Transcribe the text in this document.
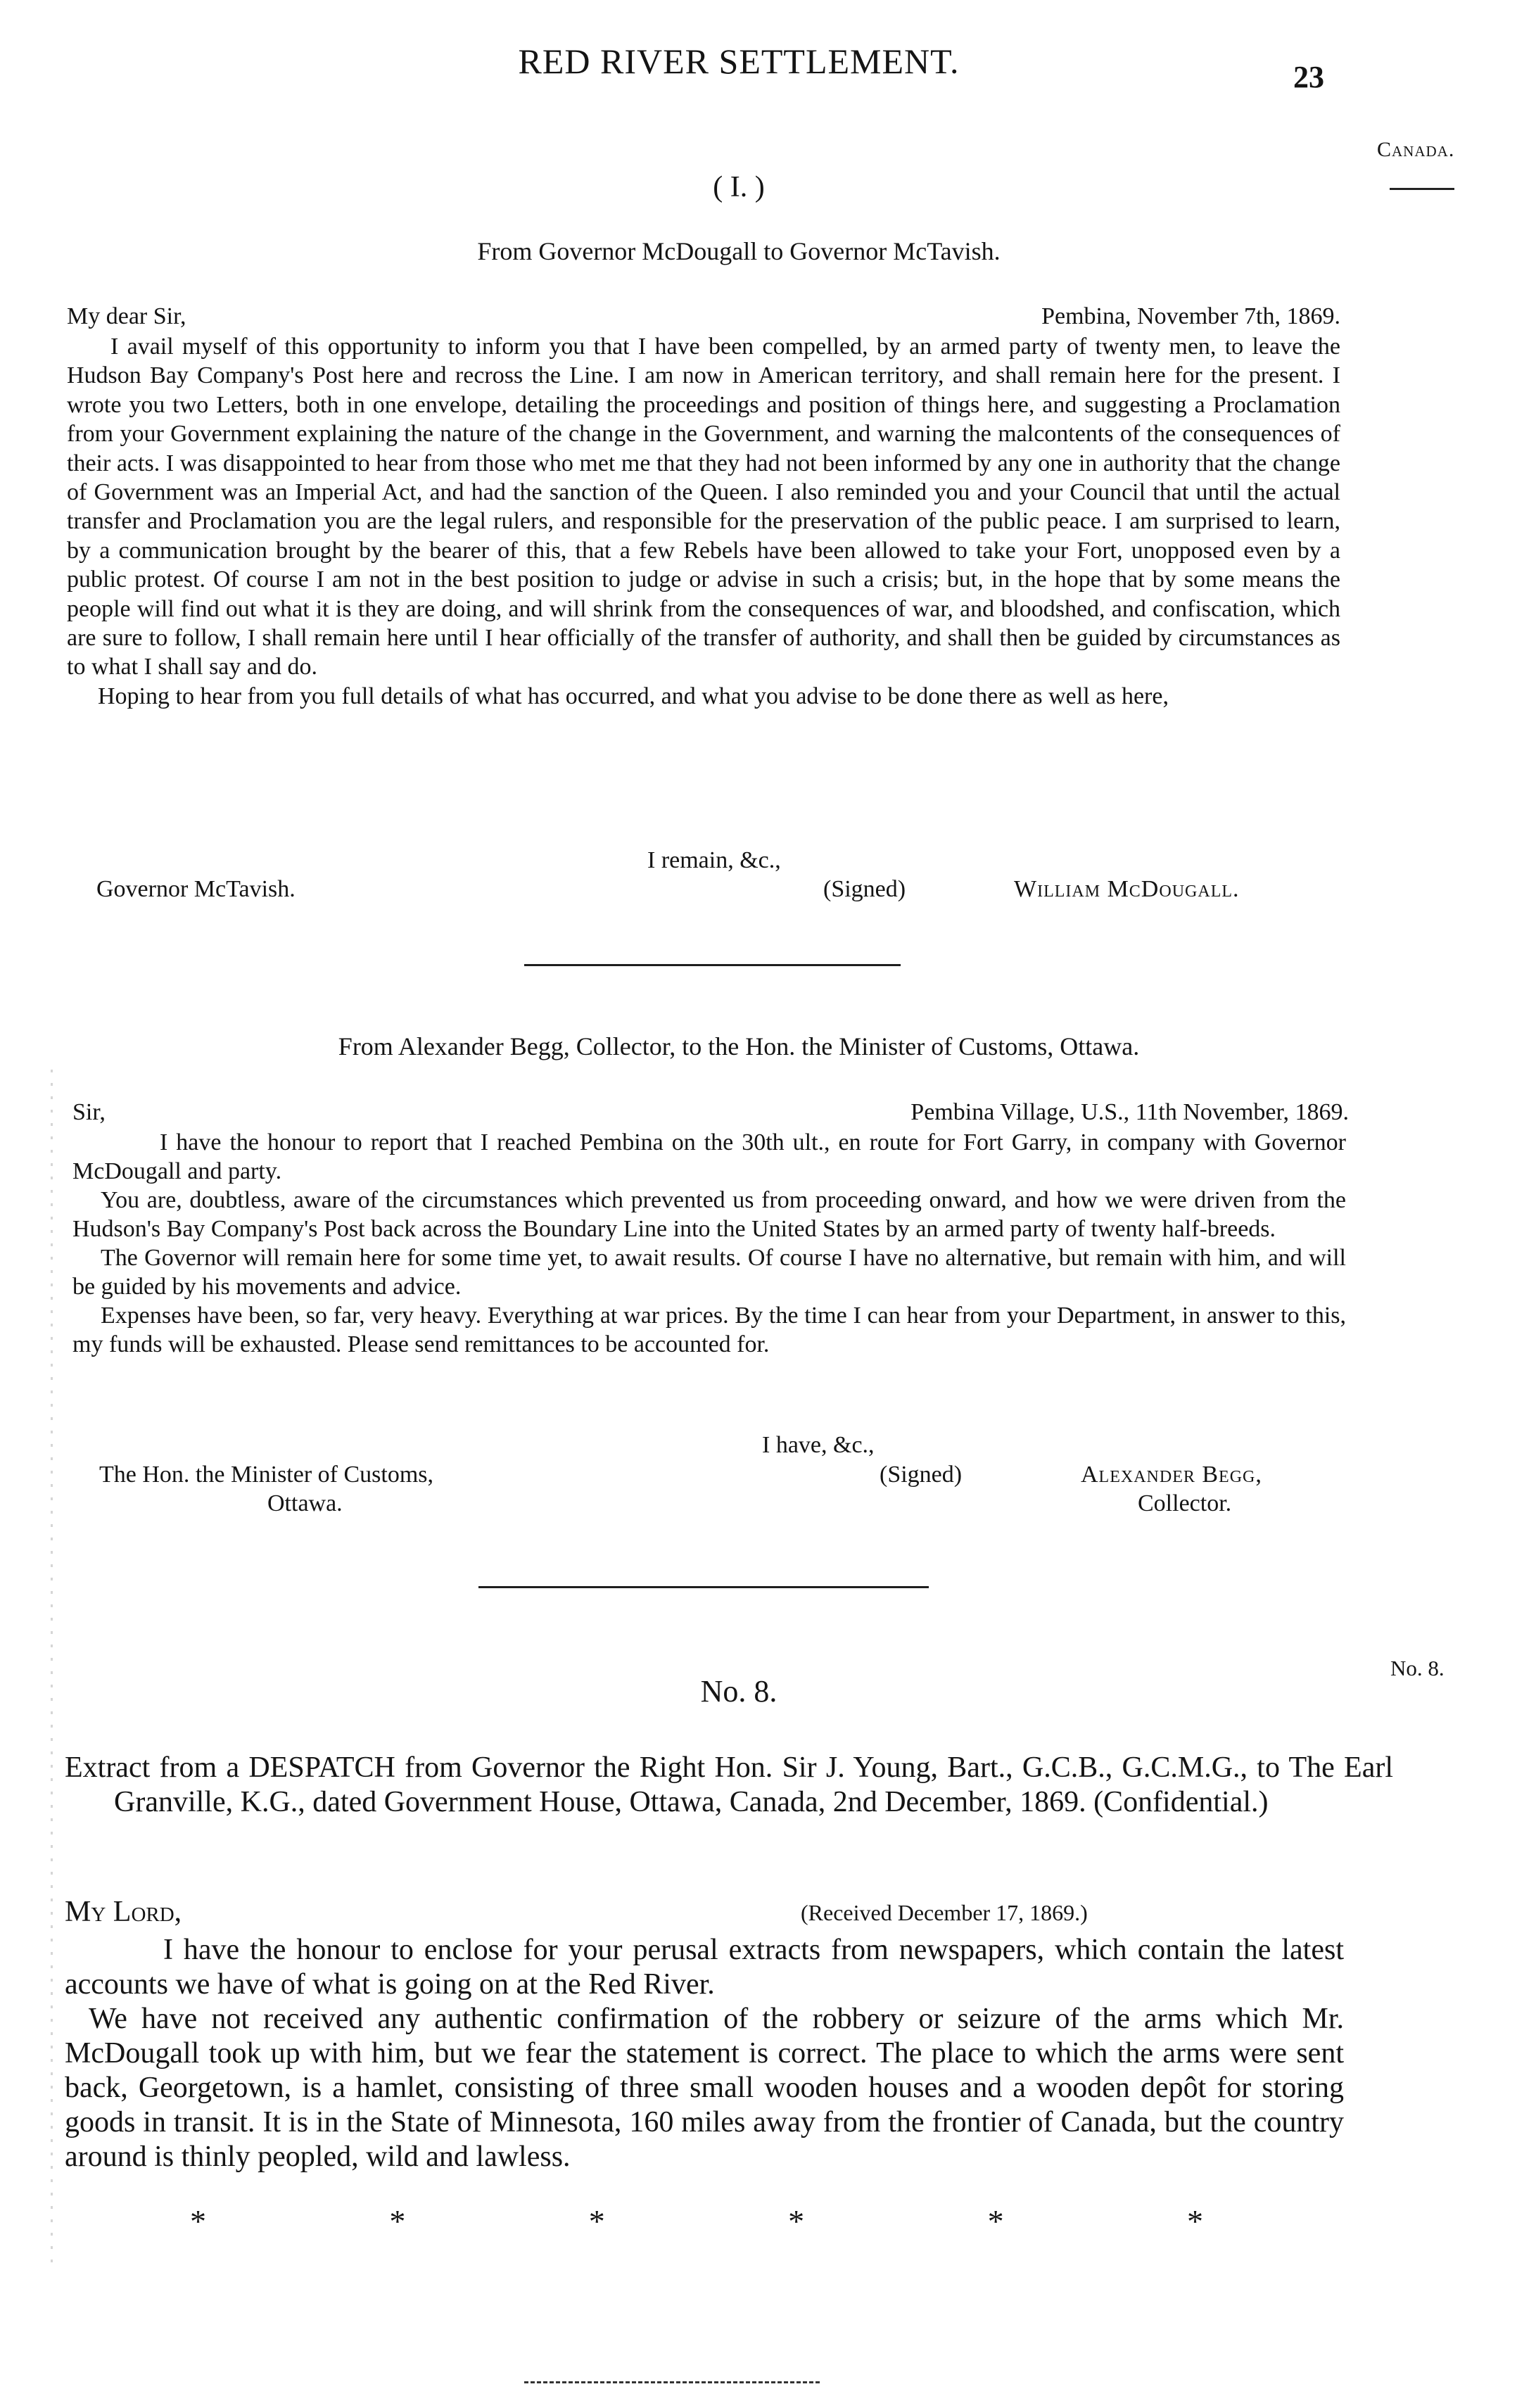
RED RIVER SETTLEMENT.	23
Canada.
No. 8.
( I. )
From Governor McDougall to Governor McTavish.
My dear Sir,	Pembina, November 7th, 1869.

I avail myself of this opportunity to inform you that I have been compelled, by an armed party of twenty men, to leave the Hudson Bay Company's Post here and recross the Line. I am now in American territory, and shall remain here for the present. I wrote you two Letters, both in one envelope, detailing the proceedings and position of things here, and suggesting a Proclamation from your Government explaining the nature of the change in the Government, and warning the malcontents of the consequences of their acts. I was disappointed to hear from those who met me that they had not been informed by any one in authority that the change of Government was an Imperial Act, and had the sanction of the Queen. I also reminded you and your Council that until the actual transfer and Proclamation you are the legal rulers, and responsible for the preservation of the public peace. I am surprised to learn, by a communication brought by the bearer of this, that a few Rebels have been allowed to take your Fort, unopposed even by a public protest. Of course I am not in the best position to judge or advise in such a crisis; but, in the hope that by some means the people will find out what it is they are doing, and will shrink from the consequences of war, and bloodshed, and confiscation, which are sure to follow, I shall remain here until I hear officially of the transfer of authority, and shall then be guided by circumstances as to what I shall say and do.

Hoping to hear from you full details of what has occurred, and what you advise to be done there as well as here,

I remain, &c.,
Governor McTavish.	(Signed)	William McDougall.
From Alexander Begg, Collector, to the Hon. the Minister of Customs, Ottawa.
Sir,	Pembina Village, U.S., 11th November, 1869.

I have the honour to report that I reached Pembina on the 30th ult., en route for Fort Garry, in company with Governor McDougall and party.

You are, doubtless, aware of the circumstances which prevented us from proceeding onward, and how we were driven from the Hudson's Bay Company's Post back across the Boundary Line into the United States by an armed party of twenty half-breeds.

The Governor will remain here for some time yet, to await results. Of course I have no alternative, but remain with him, and will be guided by his movements and advice.

Expenses have been, so far, very heavy. Everything at war prices. By the time I can hear from your Department, in answer to this, my funds will be exhausted. Please send remittances to be accounted for.

I have, &c.,
The Hon. the Minister of Customs,
Ottawa.
(Signed)	Alexander Begg,
Collector.
No. 8.
Extract from a DESPATCH from Governor the Right Hon. Sir J. Young, Bart., G.C.B., G.C.M.G., to The Earl Granville, K.G., dated Government House, Ottawa, Canada, 2nd December, 1869. (Confidential.)
My Lord,	(Received December 17, 1869.)

I have the honour to enclose for your perusal extracts from newspapers, which contain the latest accounts we have of what is going on at the Red River.

We have not received any authentic confirmation of the robbery or seizure of the arms which Mr. McDougall took up with him, but we fear the statement is correct. The place to which the arms were sent back, Georgetown, is a hamlet, consisting of three small wooden houses and a wooden depôt for storing goods in transit. It is in the State of Minnesota, 160 miles away from the frontier of Canada, but the country around is thinly peopled, wild and lawless.

*	*	*	*	*	*
